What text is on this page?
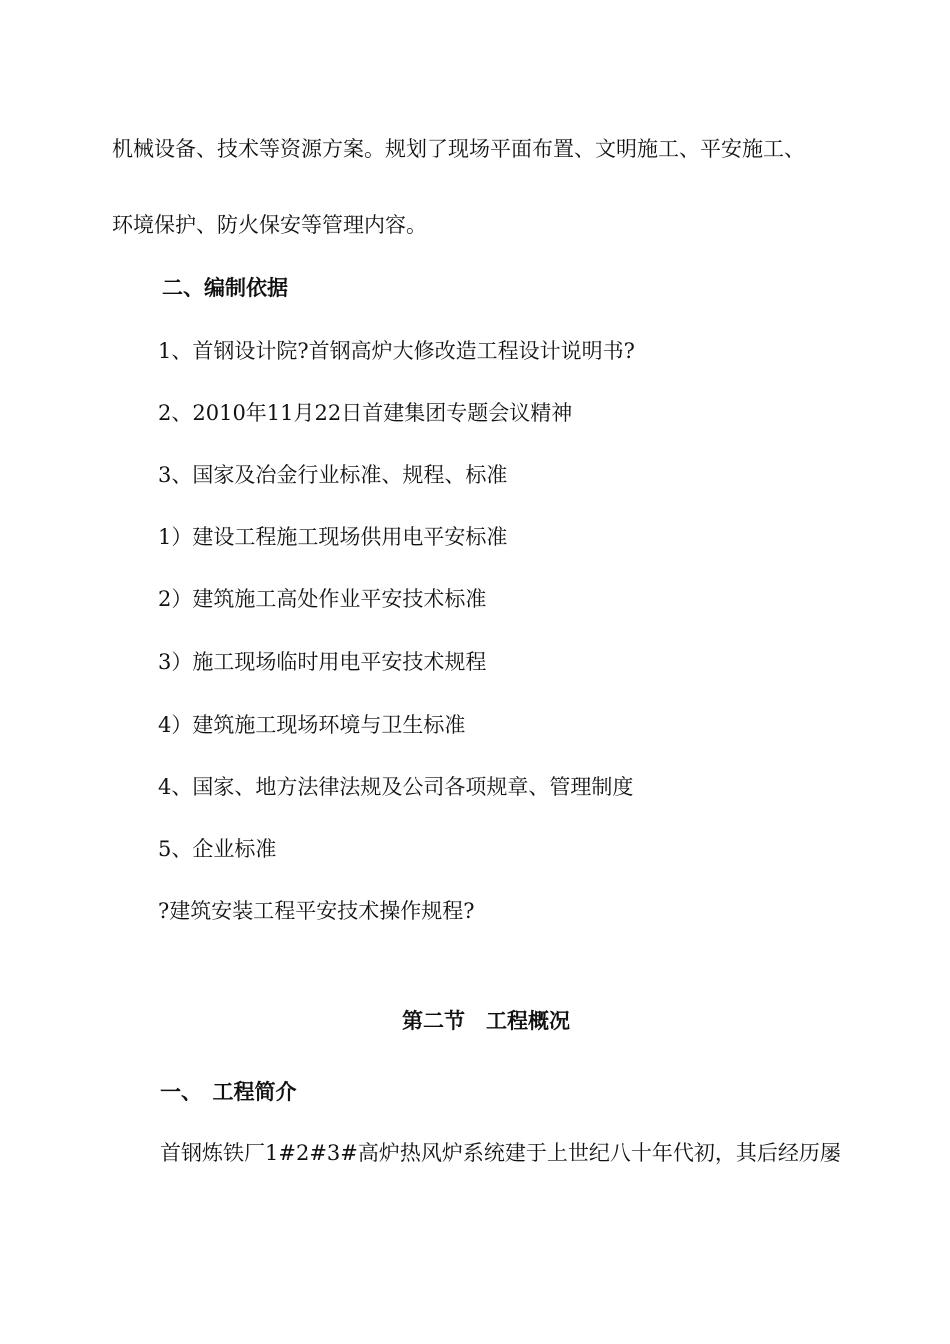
机械设备、技术等资源方案。规划了现场平面布置、文明施工、平安施工、
环境保护、防火保安等管理内容。
二、编制依据
1、首钢设计院?首钢高炉大修改造工程设计说明书?
2、2010年11月22日首建集团专题会议精神
3、国家及冶金行业标准、规程、标准
1）建设工程施工现场供用电平安标准
2）建筑施工高处作业平安技术标准
3）施工现场临时用电平安技术规程
4）建筑施工现场环境与卫生标准
4、国家、地方法律法规及公司各项规章、管理制度
5、企业标准
?建筑安装工程平安技术操作规程?
第二节　工程概况
一、　工程简介
首钢炼铁厂1#2#3#高炉热风炉系统建于上世纪八十年代初，其后经历屡
